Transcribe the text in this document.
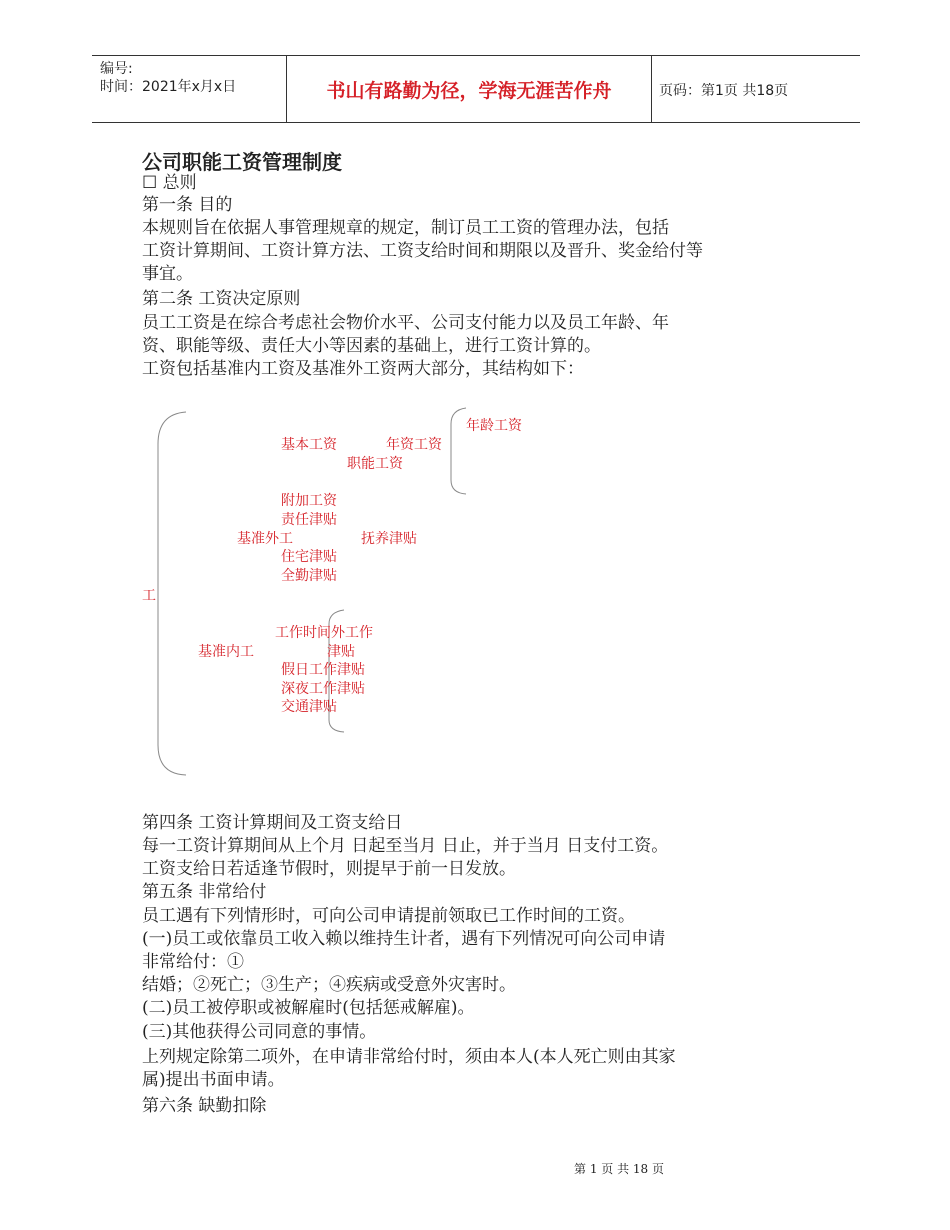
编号:
时间：2021年x月x日	书山有路勤为径，学海无涯苦作舟	页码：第1页 共18页
公司职能工资管理制度
☐ 总则
第一条 目的
本规则旨在依据人事管理规章的规定，制订员工工资的管理办法，包括
工资计算期间、工资计算方法、工资支给时间和期限以及晋升、奖金给付等
事宜。
第二条 工资决定原则
员工工资是在综合考虑社会物价水平、公司支付能力以及员工年龄、年
资、职能等级、责任大小等因素的基础上，进行工资计算的。
工资包括基准内工资及基准外工资两大部分，其结构如下：
年龄工资
基本工资	年资工资
职能工资
附加工资
责任津贴
基准外工	抚养津贴
住宅津贴
全勤津贴
工
工作时间外工作
基准内工	津贴
假日工作津贴
深夜工作津贴
交通津贴
第四条 工资计算期间及工资支给日
每一工资计算期间从上个月 日起至当月 日止，并于当月 日支付工资。
工资支给日若适逢节假时，则提早于前一日发放。
第五条 非常给付
员工遇有下列情形时，可向公司申请提前领取已工作时间的工资。
(一)员工或依靠员工收入赖以维持生计者，遇有下列情况可向公司申请
非常给付：①
结婚；②死亡；③生产；④疾病或受意外灾害时。
(二)员工被停职或被解雇时(包括惩戒解雇)。
(三)其他获得公司同意的事情。
上列规定除第二项外，在申请非常给付时，须由本人(本人死亡则由其家
属)提出书面申请。
第六条 缺勤扣除
第 1 页 共 18 页
